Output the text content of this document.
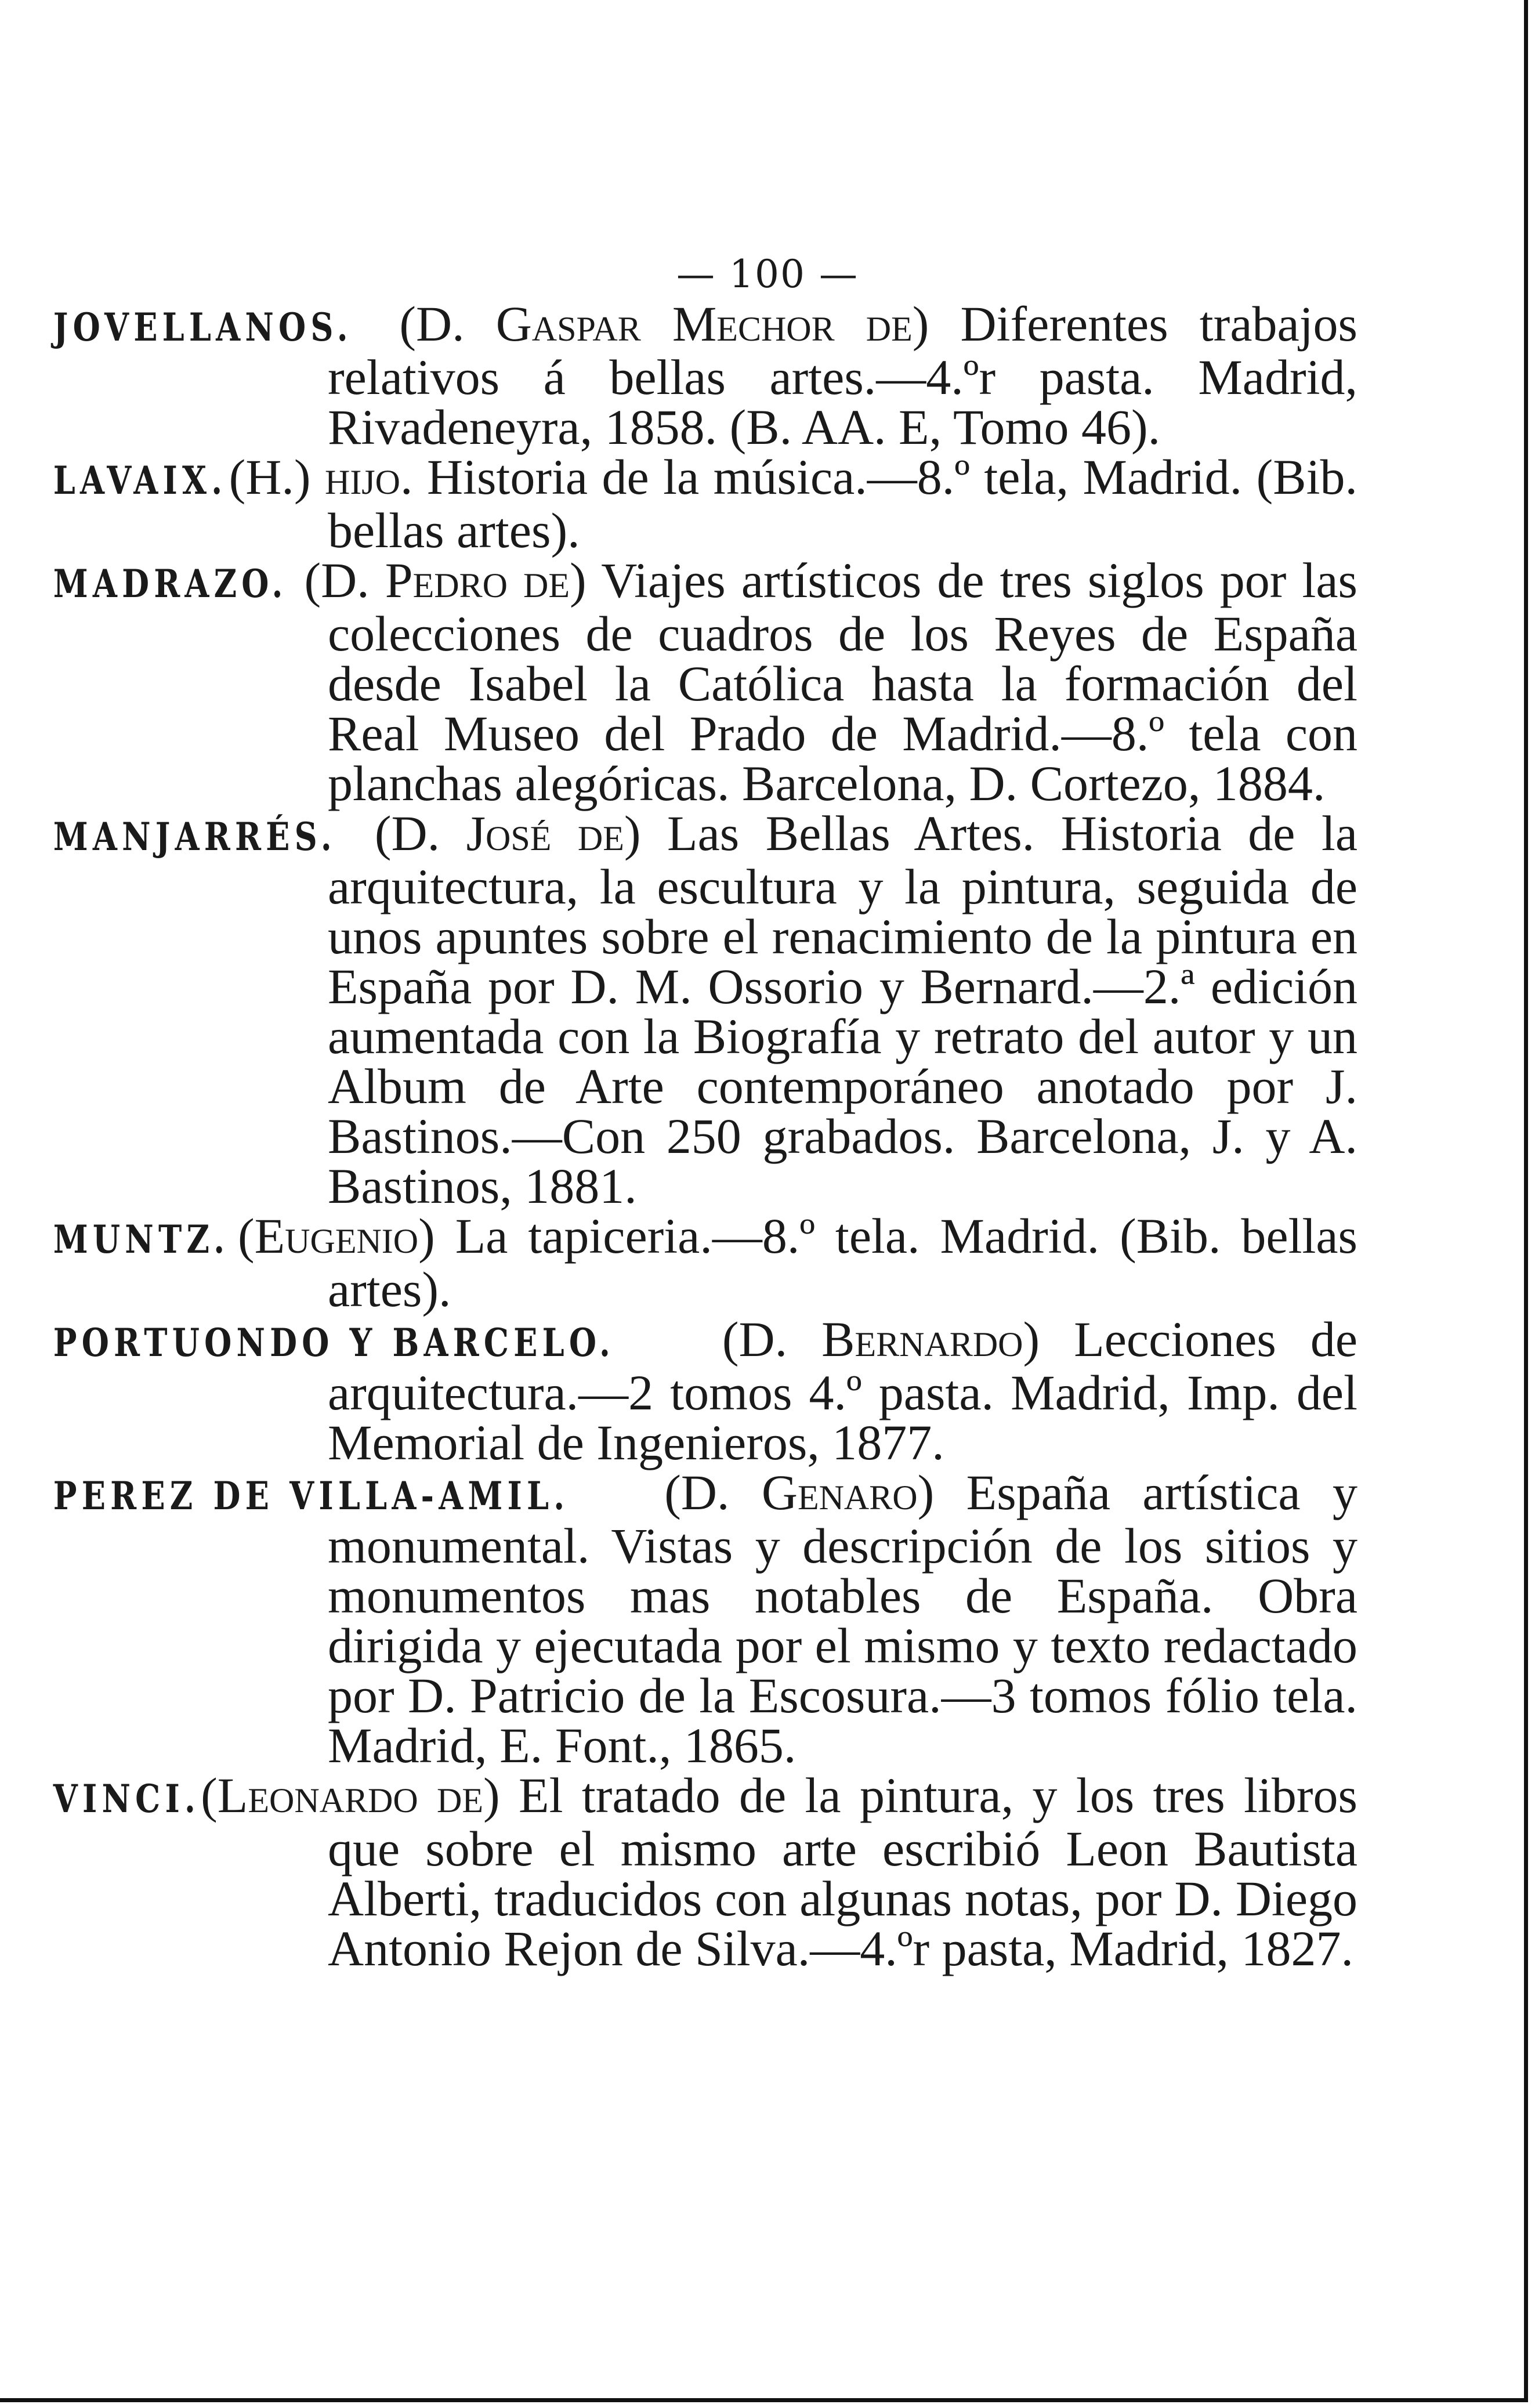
— 100 —

JOVELLANOS. (D. Gaspar Mechor de) Diferentes trabajos relativos á bellas artes.—4.ºr pasta. Madrid, Rivadeneyra, 1858. (B. AA. E, Tomo 46).

LAVAIX. (H.) hijo. Historia de la música.—8.º tela, Madrid. (Bib. bellas artes).

MADRAZO. (D. Pedro de) Viajes artísticos de tres siglos por las colecciones de cuadros de los Reyes de España desde Isabel la Católica hasta la formación del Real Museo del Prado de Madrid.—8.º tela con planchas alegóricas. Barcelona, D. Cortezo, 1884.

MANJARRÉS. (D. José de) Las Bellas Artes. Historia de la arquitectura, la escultura y la pintura, seguida de unos apuntes sobre el renacimiento de la pintura en España por D. M. Ossorio y Bernard.—2.ª edición aumentada con la Biografía y retrato del autor y un Album de Arte contemporáneo anotado por J. Bastinos.—Con 250 grabados. Barcelona, J. y A. Bastinos, 1881.

MUNTZ. (Eugenio) La tapiceria.—8.º tela. Madrid. (Bib. bellas artes).

PORTUONDO Y BARCELO. (D. Bernardo) Lecciones de arquitectura.—2 tomos 4.º pasta. Madrid, Imp. del Memorial de Ingenieros, 1877.

PEREZ DE VILLA-AMIL. (D. Genaro) España artística y monumental. Vistas y descripción de los sitios y monumentos mas notables de España. Obra dirigida y ejecutada por el mismo y texto redactado por D. Patricio de la Escosura.—3 tomos fólio tela. Madrid, E. Font., 1865.

VINCI. (Leonardo de) El tratado de la pintura, y los tres libros que sobre el mismo arte escribió Leon Bautista Alberti, traducidos con algunas notas, por D. Diego Antonio Rejon de Silva.—4.ºr pasta, Madrid, 1827.
